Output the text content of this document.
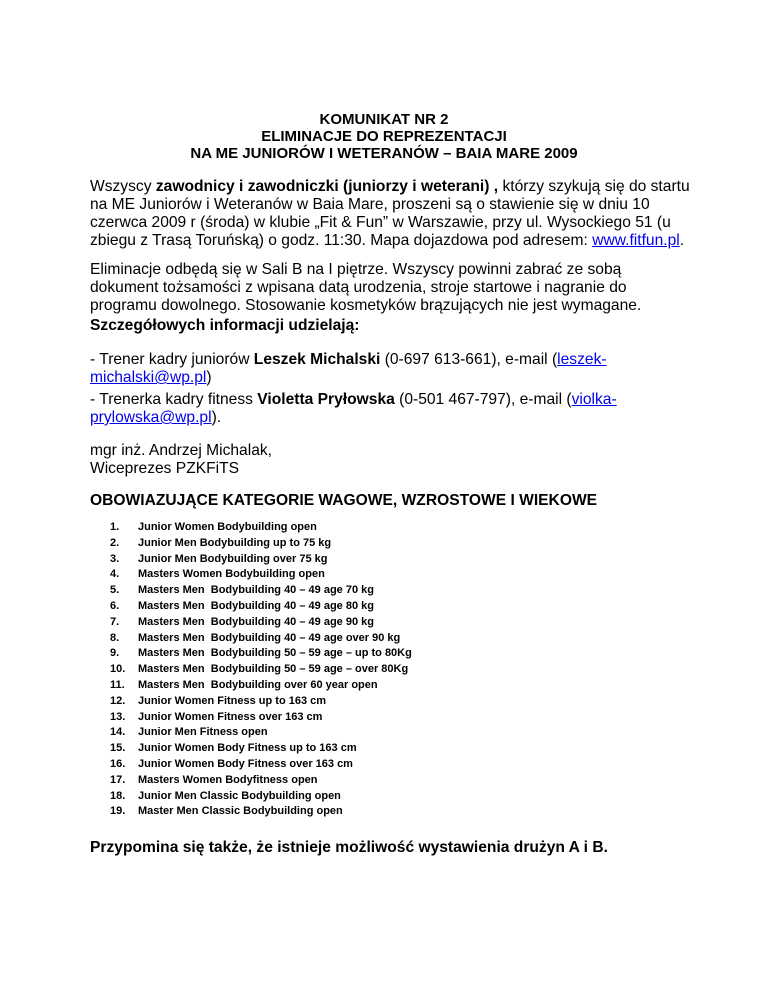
KOMUNIKAT NR 2

ELIMINACJE DO REPREZENTACJI

NA ME JUNIORÓW I WETERANÓW – BAIA MARE 2009

Wszyscy zawodnicy i zawodniczki (juniorzy i weterani) , którzy szykują się do startu na ME Juniorów i Weteranów w Baia Mare, proszeni są o stawienie się w dniu 10 czerwca 2009 r (środa) w klubie „Fit & Fun” w Warszawie, przy ul. Wysockiego 51 (u zbiegu z Trasą Toruńską) o godz. 11:30. Mapa dojazdowa pod adresem: www.fitfun.pl.

Eliminacje odbędą się w Sali B na I piętrze. Wszyscy powinni zabrać ze sobą dokument tożsamości z wpisana datą urodzenia, stroje startowe i nagranie do programu dowolnego. Stosowanie kosmetyków brązujących nie jest wymagane.

Szczegółowych informacji udzielają:

- Trener kadry juniorów Leszek Michalski (0-697 613-661), e-mail (leszek-michalski@wp.pl)

- Trenerka kadry fitness Violetta Pryłowska (0-501 467-797), e-mail (violka-prylowska@wp.pl).

mgr inż. Andrzej Michalak,

Wiceprezes PZKFiTS

OBOWIAZUJĄCE KATEGORIE WAGOWE, WZROSTOWE I WIEKOWE

1.	Junior Women Bodybuilding open
2.	Junior Men Bodybuilding up to 75 kg
3.	Junior Men Bodybuilding over 75 kg
4.	Masters Women Bodybuilding open
5.	Masters Men  Bodybuilding 40 – 49 age 70 kg
6.	Masters Men  Bodybuilding 40 – 49 age 80 kg
7.	Masters Men  Bodybuilding 40 – 49 age 90 kg
8.	Masters Men  Bodybuilding 40 – 49 age over 90 kg
9.	Masters Men  Bodybuilding 50 – 59 age – up to 80Kg
10.	Masters Men  Bodybuilding 50 – 59 age – over 80Kg
11.	Masters Men  Bodybuilding over 60 year open
12.	Junior Women Fitness up to 163 cm
13.	Junior Women Fitness over 163 cm
14.	Junior Men Fitness open
15.	Junior Women Body Fitness up to 163 cm
16.	Junior Women Body Fitness over 163 cm
17.	Masters Women Bodyfitness open
18.	Junior Men Classic Bodybuilding open
19.	Master Men Classic Bodybuilding open

Przypomina się także, że istnieje możliwość wystawienia drużyn A i B.
